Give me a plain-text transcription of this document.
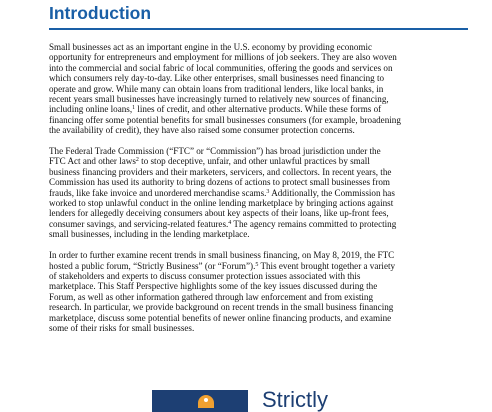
Introduction

Small businesses act as an important engine in the U.S. economy by providing economic
opportunity for entrepreneurs and employment for millions of job seekers. They are also woven
into the commercial and social fabric of local communities, offering the goods and services on
which consumers rely day-to-day. Like other enterprises, small businesses need financing to
operate and grow. While many can obtain loans from traditional lenders, like local banks, in
recent years small businesses have increasingly turned to relatively new sources of financing,
including online loans,$^1$ lines of credit, and other alternative products. While these forms of
financing offer some potential benefits for small businesses consumers (for example, broadening
the availability of credit), they have also raised some consumer protection concerns.

The Federal Trade Commission (“FTC” or “Commission”) has broad jurisdiction under the
FTC Act and other laws$^2$ to stop deceptive, unfair, and other unlawful practices by small
business financing providers and their marketers, servicers, and collectors. In recent years, the
Commission has used its authority to bring dozens of actions to protect small businesses from
frauds, like fake invoice and unordered merchandise scams.$^3$ Additionally, the Commission has
worked to stop unlawful conduct in the online lending marketplace by bringing actions against
lenders for allegedly deceiving consumers about key aspects of their loans, like up-front fees,
consumer savings, and servicing-related features.$^4$ The agency remains committed to protecting
small businesses, including in the lending marketplace.

In order to further examine recent trends in small business financing, on May 8, 2019, the FTC
hosted a public forum, “Strictly Business” (or “Forum”).$^5$ This event brought together a variety
of stakeholders and experts to discuss consumer protection issues associated with this
marketplace. This Staff Perspective highlights some of the key issues discussed during the
Forum, as well as other information gathered through law enforcement and from existing
research. In particular, we provide background on recent trends in the small business financing
marketplace, discuss some potential benefits of newer online financing products, and examine
some of their risks for small businesses.

Strictly
